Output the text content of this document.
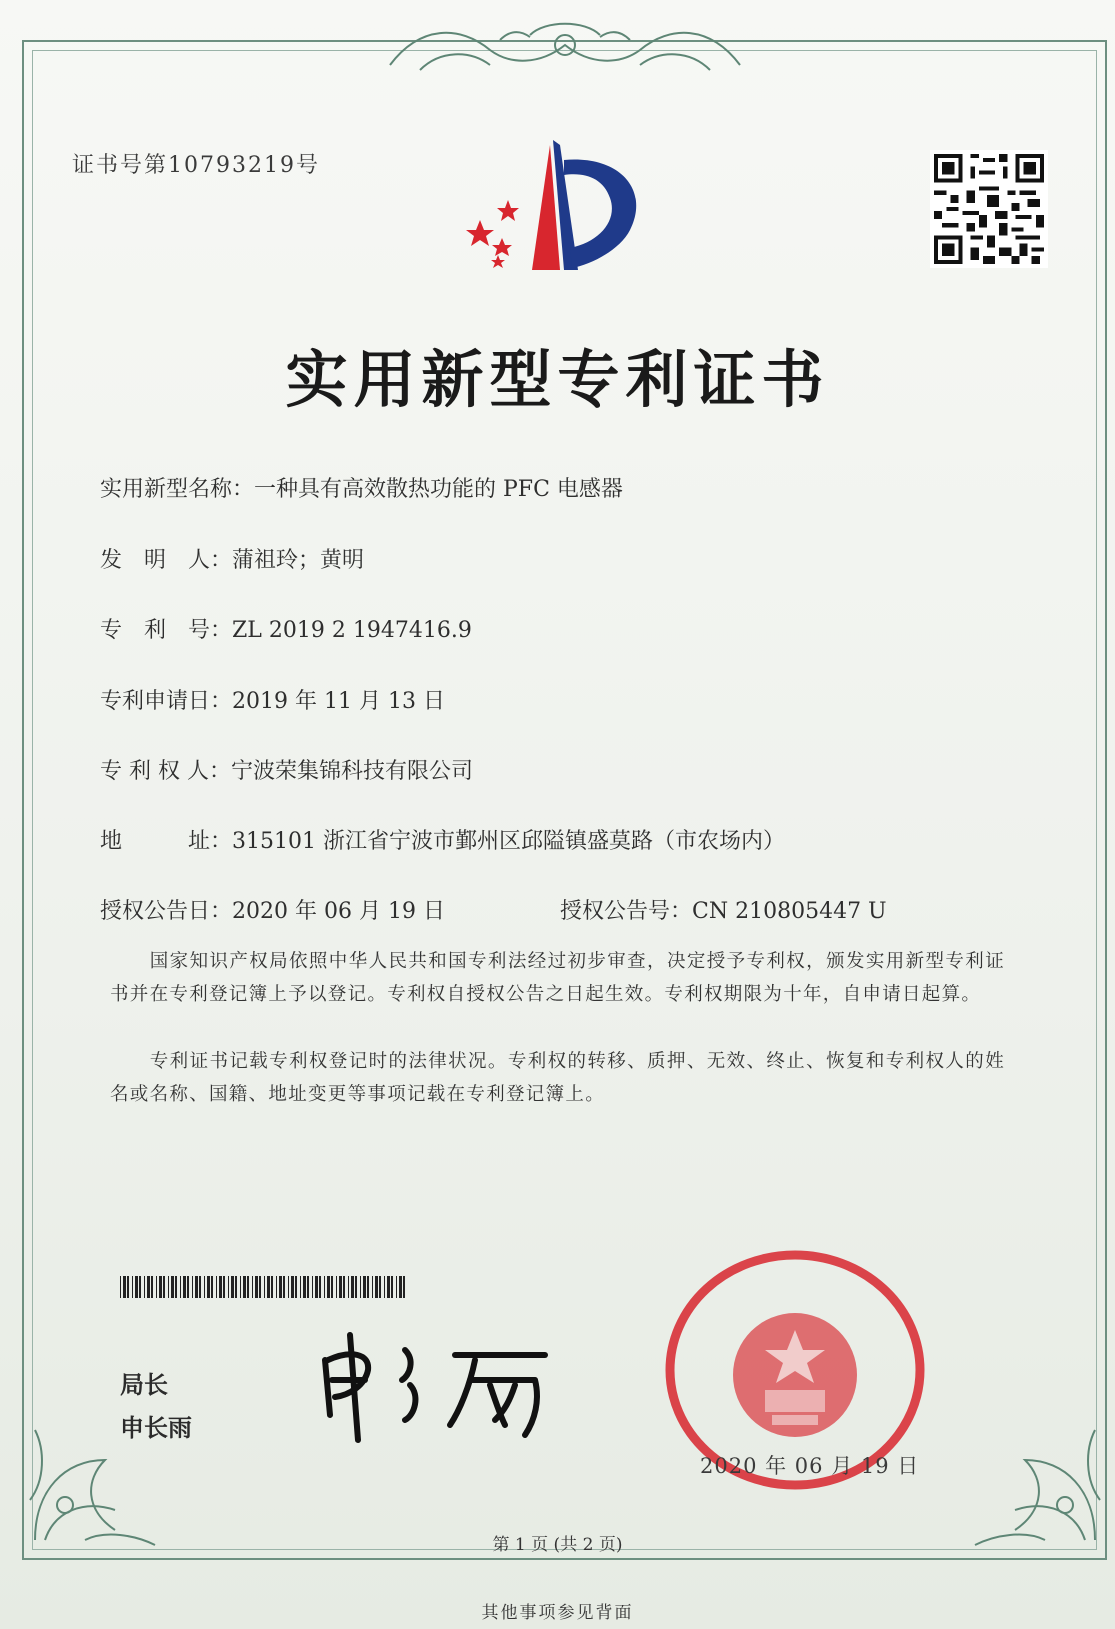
证书号第10793219号
实用新型专利证书
实用新型名称：一种具有高效散热功能的 PFC 电感器
发　明　人：蒲祖玲；黄明
专　利　号：ZL 2019 2 1947416.9
专利申请日：2019 年 11 月 13 日
专 利 权 人：宁波荣集锦科技有限公司
地　　　址：315101 浙江省宁波市鄞州区邱隘镇盛莫路（市农场内）
授权公告日：2020 年 06 月 19 日	授权公告号：CN 210805447 U
　　国家知识产权局依照中华人民共和国专利法经过初步审查，决定授予专利权，颁发实用新型专利证书并在专利登记簿上予以登记。专利权自授权公告之日起生效。专利权期限为十年，自申请日起算。
　　专利证书记载专利权登记时的法律状况。专利权的转移、质押、无效、终止、恢复和专利权人的姓名或名称、国籍、地址变更等事项记载在专利登记簿上。
局长
申长雨
2020 年 06 月 19 日
第 1 页 (共 2 页)
其他事项参见背面
